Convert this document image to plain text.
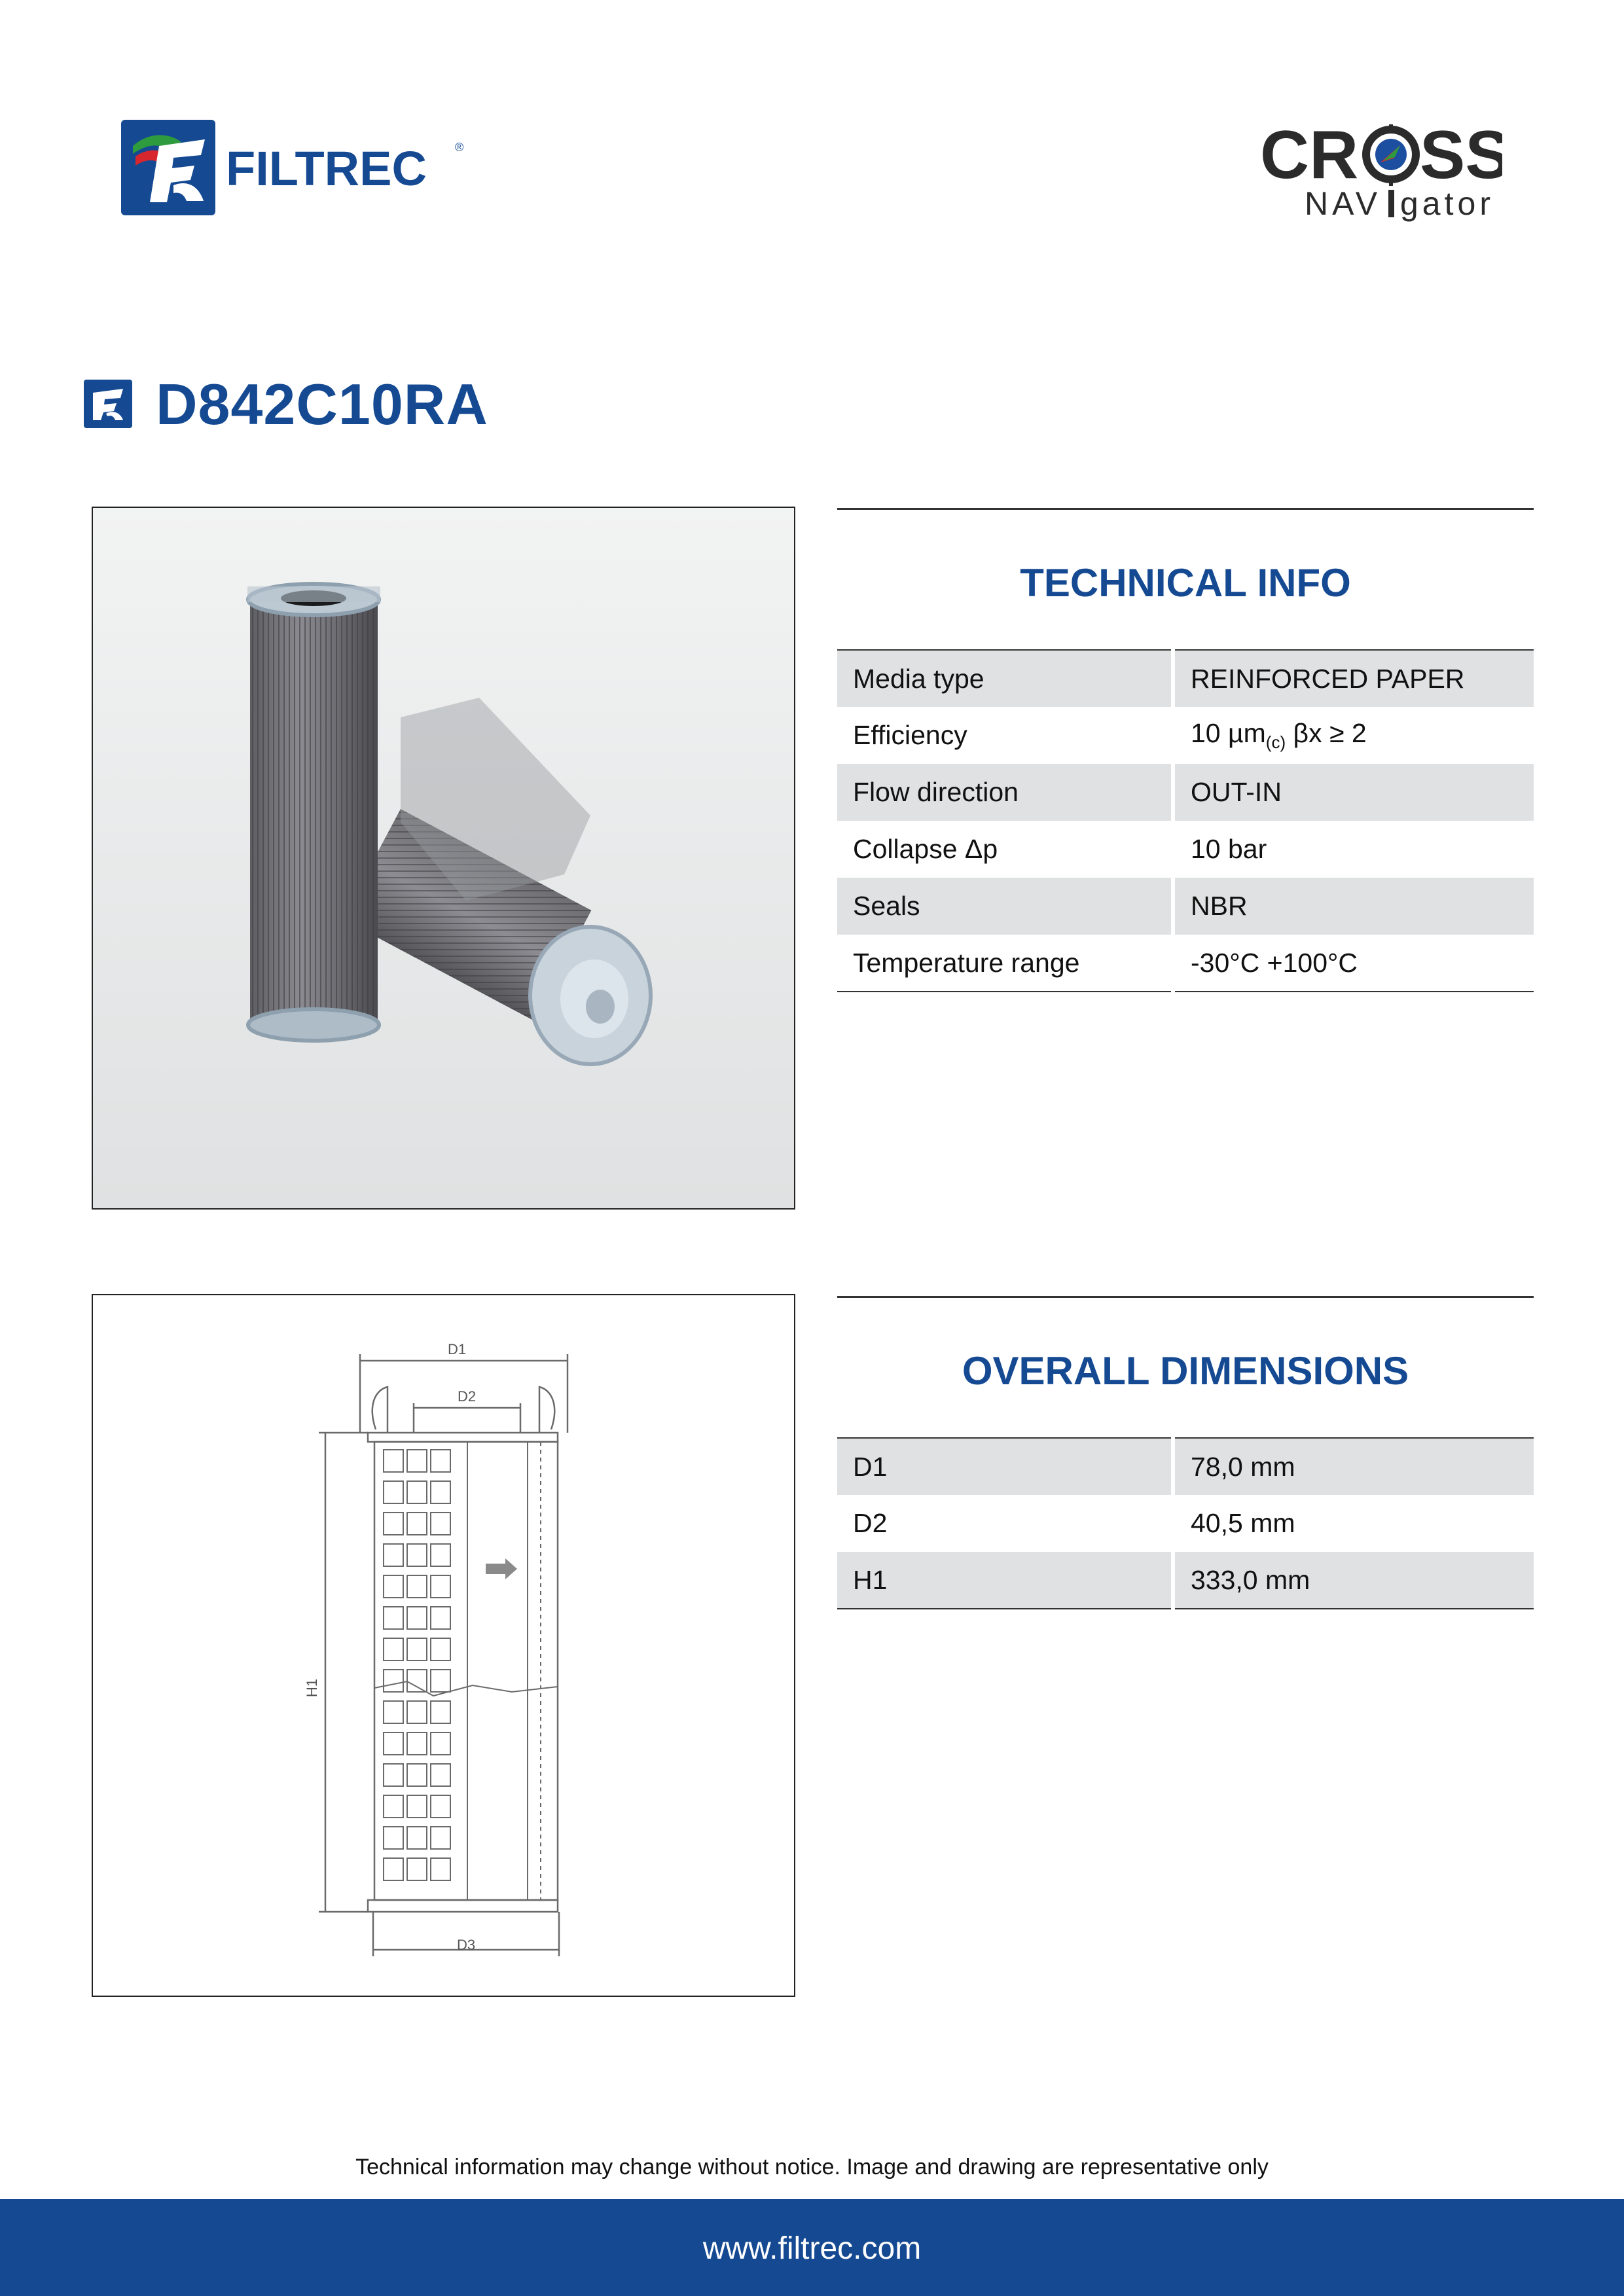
FILTREC ®	CR SS
NAV gator
D842C10RA
TECHNICAL INFO
Media type	REINFORCED PAPER
Efficiency	10 µm$_{(c)}$ βx ≥ 2
Flow direction	OUT-IN
Collapse Δp	10 bar
Seals	NBR
Temperature range	-30°C +100°C
D1
D2
D3
H1
OVERALL DIMENSIONS
D1	78,0 mm
D2	40,5 mm
H1	333,0 mm
Technical information may change without notice. Image and drawing are representative only
www.filtrec.com
